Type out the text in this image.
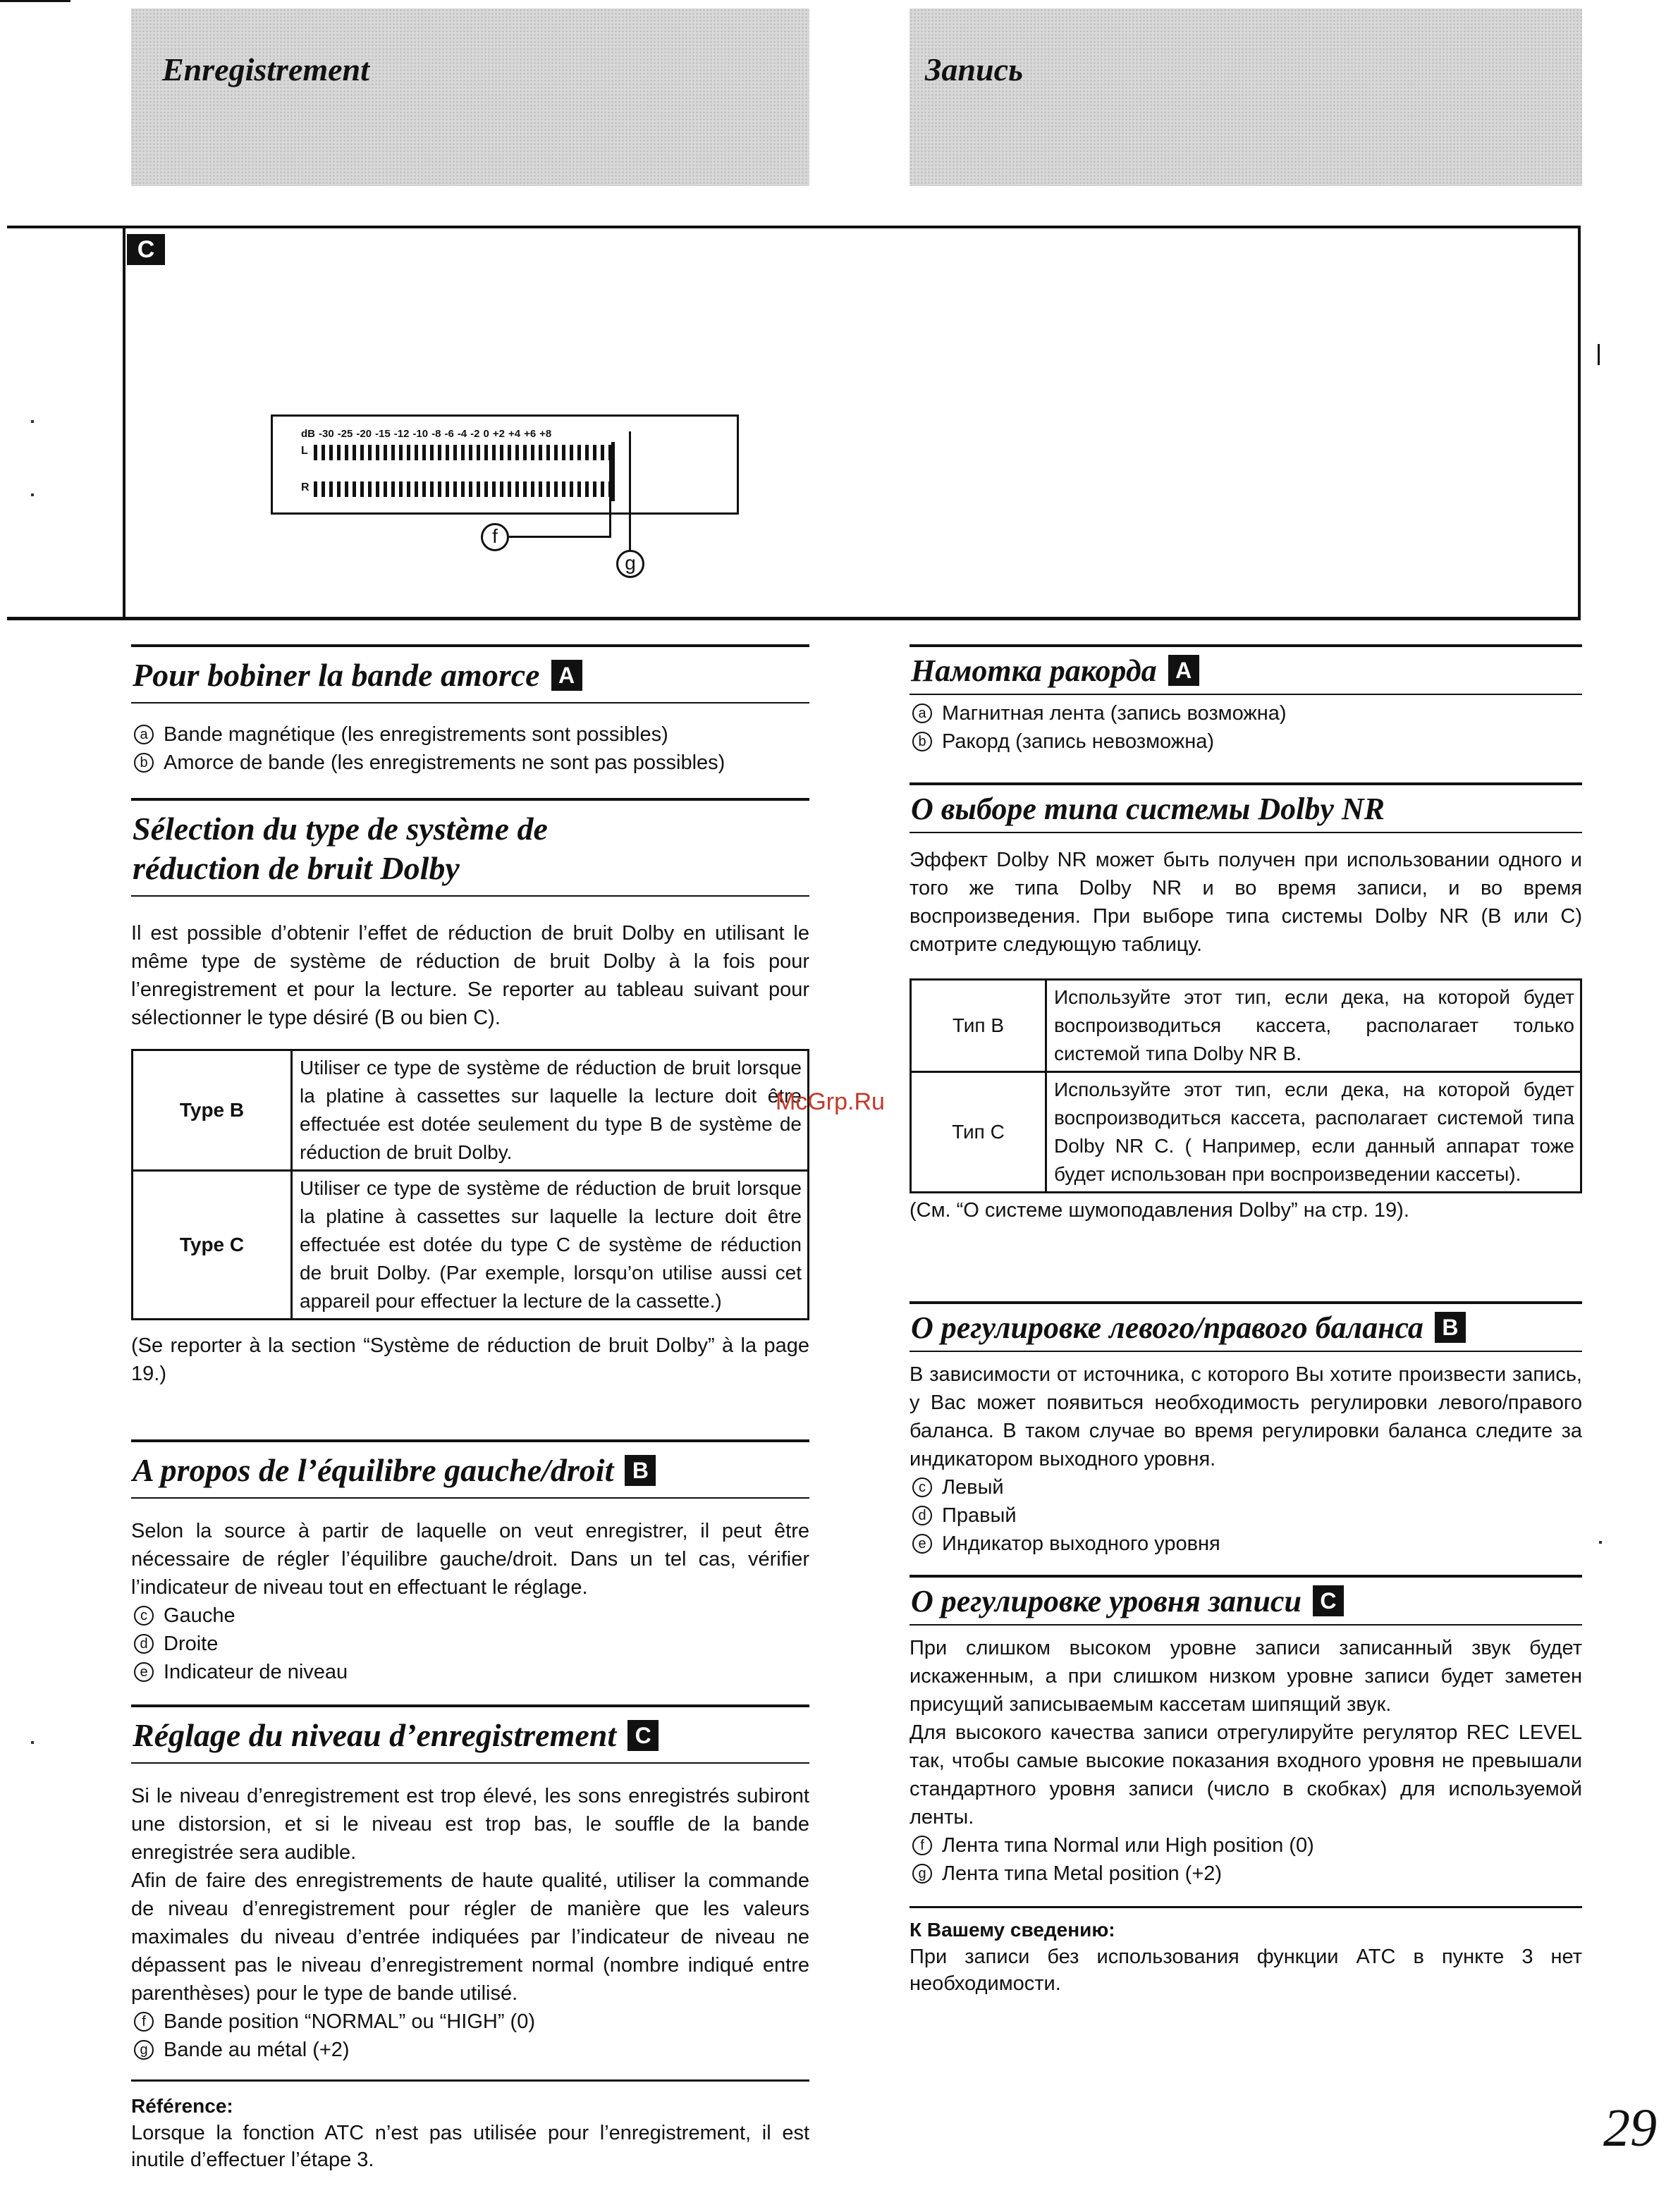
Enregistrement	Запись
C
dB -30 -25 -20 -15 -12 -10 -8 -6 -4 -2 0 +2 +4 +6 +8
L
R
f
g
Pour bobiner la bande amorce A
a Bande magnétique (les enregistrements sont possibles)
b Amorce de bande (les enregistrements ne sont pas possibles)
Sélection du type de système de
réduction de bruit Dolby

Il est possible d’obtenir l’effet de réduction de bruit Dolby en utilisant le même type de système de réduction de bruit Dolby à la fois pour l’enregistrement et pour la lecture. Se reporter au tableau suivant pour sélectionner le type désiré (B ou bien C).

Type B	Utiliser ce type de système de réduction de bruit lorsque la platine à cassettes sur laquelle la lecture doit être effectuée est dotée seulement du type B de système de réduction de bruit Dolby.
Type C	Utiliser ce type de système de réduction de bruit lorsque la platine à cassettes sur laquelle la lecture doit être effectuée est dotée du type C de système de réduction de bruit Dolby. (Par exemple, lorsqu’on utilise aussi cet appareil pour effectuer la lecture de la cassette.)

(Se reporter à la section “Système de réduction de bruit Dolby” à la page 19.)

A propos de l’équilibre gauche/droit B

Selon la source à partir de laquelle on veut enregistrer, il peut être nécessaire de régler l’équilibre gauche/droit. Dans un tel cas, vérifier l’indicateur de niveau tout en effectuant le réglage.

c Gauche
d Droite
e Indicateur de niveau
Réglage du niveau d’enregistrement C

Si le niveau d’enregistrement est trop élevé, les sons enregistrés subiront une distorsion, et si le niveau est trop bas, le souffle de la bande enregistrée sera audible.

Afin de faire des enregistrements de haute qualité, utiliser la commande de niveau d’enregistrement pour régler de manière que les valeurs maximales du niveau d’entrée indiquées par l’indicateur de niveau ne dépassent pas le niveau d’enregistrement normal (nombre indiqué entre parenthèses) pour le type de bande utilisé.

f Bande position “NORMAL” ou “HIGH” (0)
g Bande au métal (+2)
Référence:

Lorsque la fonction ATC n’est pas utilisée pour l’enregistrement, il est inutile d’effectuer l’étape 3.

Намотка ракорда A
a Магнитная лента (запись возможна)
b Ракорд (запись невозможна)
О выборе типа системы Dolby NR

Эффект Dolby NR может быть получен при использовании одного и того же типа Dolby NR и во время записи, и во время воспроизведения. При выборе типа системы Dolby NR (B или C) смотрите следующую таблицу.

Тип B	Используйте этот тип, если дека, на которой будет воспроизводиться кассета, располагает только системой типа Dolby NR B.
Тип C	Используйте этот тип, если дека, на которой будет воспроизводиться кассета, располагает системой типа Dolby NR C. ( Например, если данный аппарат тоже будет использован при воспроизведении кассеты).

(См. “О системе шумоподавления Dolby” на стр. 19).

О регулировке левого/правого баланса B

В зависимости от источника, с которого Вы хотите произвести запись, у Вас может появиться необходимость регулировки левого/правого баланса. В таком случае во время регулировки баланса следите за индикатором выходного уровня.

c Левый
d Правый
e Индикатор выходного уровня
О регулировке уровня записи C

При слишком высоком уровне записи записанный звук будет искаженным, а при слишком низком уровне записи будет заметен присущий записываемым кассетам шипящий звук.

Для высокого качества записи отрегулируйте регулятор REC LEVEL так, чтобы самые высокие показания входного уровня не превышали стандартного уровня записи (число в скобках) для используемой ленты.

f Лента типа Normal или High position (0)
g Лента типа Metal position (+2)
К Вашему сведению:

При записи без использования функции ATC в пункте 3 нет необходимости.

McGrp.Ru
29
